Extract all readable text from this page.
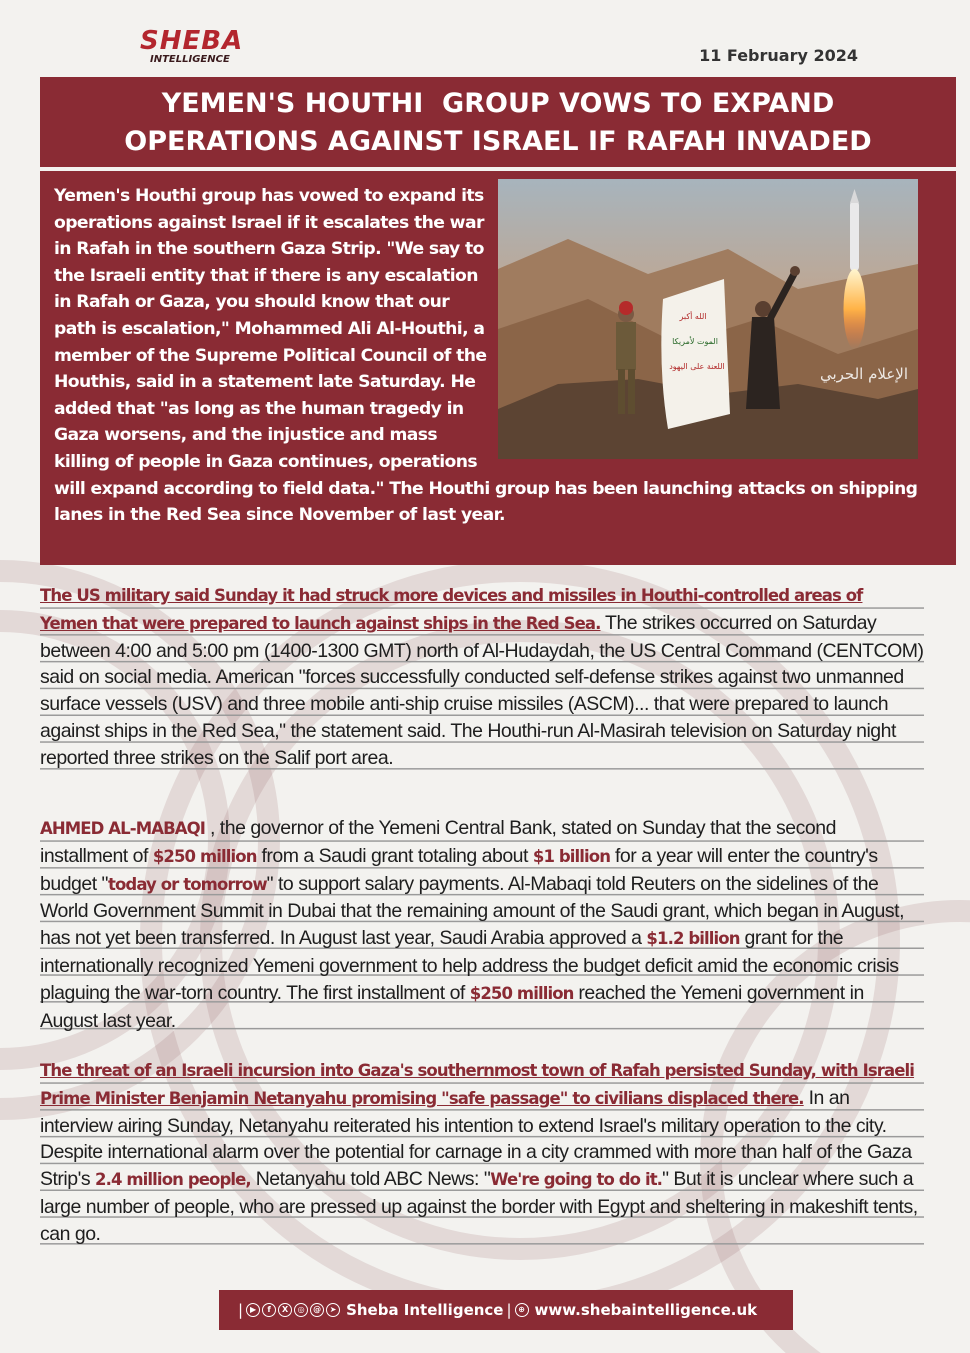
SHEBA
INTELLIGENCE	11 February 2024
YEMEN'S HOUTHI  GROUP VOWS TO EXPAND
OPERATIONS AGAINST ISRAEL IF RAFAH INVADED
Yemen's Houthi group has vowed to expand its operations against Israel if it escalates the war in Rafah in the southern Gaza Strip. "We say to the Israeli entity that if there is any escalation in Rafah or Gaza, you should know that our path is escalation," Mohammed Ali Al-Houthi, a member of the Supreme Political Council of the Houthis, said in a statement late Saturday. He added that "as long as the human tragedy in Gaza worsens, and the injustice and mass killing of people in Gaza continues, operations will expand according to field data." The Houthi group has been launching attacks on shipping lanes in the Red Sea since November of last year.
الله أكبر
الموت لأمريكا
اللعنة على اليهود	الإعلام الحربي
The US military said Sunday it had struck more devices and missiles in Houthi-controlled areas of Yemen that were prepared to launch against ships in the Red Sea. The strikes occurred on Saturday between 4:00 and 5:00 pm (1400-1300 GMT) north of Al-Hudaydah, the US Central Command (CENTCOM) said on social media. American "forces successfully conducted self-defense strikes against two unmanned surface vessels (USV) and three mobile anti-ship cruise missiles (ASCM)... that were prepared to launch against ships in the Red Sea," the statement said. The Houthi-run Al-Masirah television on Saturday night reported three strikes on the Salif port area.
AHMED AL-MABAQI , the governor of the Yemeni Central Bank, stated on Sunday that the second installment of $250 million from a Saudi grant totaling about $1 billion for a year will enter the country's budget "today or tomorrow" to support salary payments. Al-Mabaqi told Reuters on the sidelines of the World Government Summit in Dubai that the remaining amount of the Saudi grant, which began in August, has not yet been transferred. In August last year, Saudi Arabia approved a $1.2 billion grant for the internationally recognized Yemeni government to help address the budget deficit amid the economic crisis plaguing the war-torn country. The first installment of $250 million reached the Yemeni government in August last year.
The threat of an Israeli incursion into Gaza's southernmost town of Rafah persisted Sunday, with Israeli Prime Minister Benjamin Netanyahu promising "safe passage" to civilians displaced there. In an interview airing Sunday, Netanyahu reiterated his intention to extend Israel's military operation to the city. Despite international alarm over the potential for carnage in a city crammed with more than half of the Gaza Strip's 2.4 million people, Netanyahu told ABC News: "We're going to do it." But it is unclear where such a large number of people, who are pressed up against the border with Egypt and sheltering in makeshift tents, can go.
| ▶	f	X	◎	@	➤ Sheba Intelligence | ⊕ www.shebaintelligence.uk
